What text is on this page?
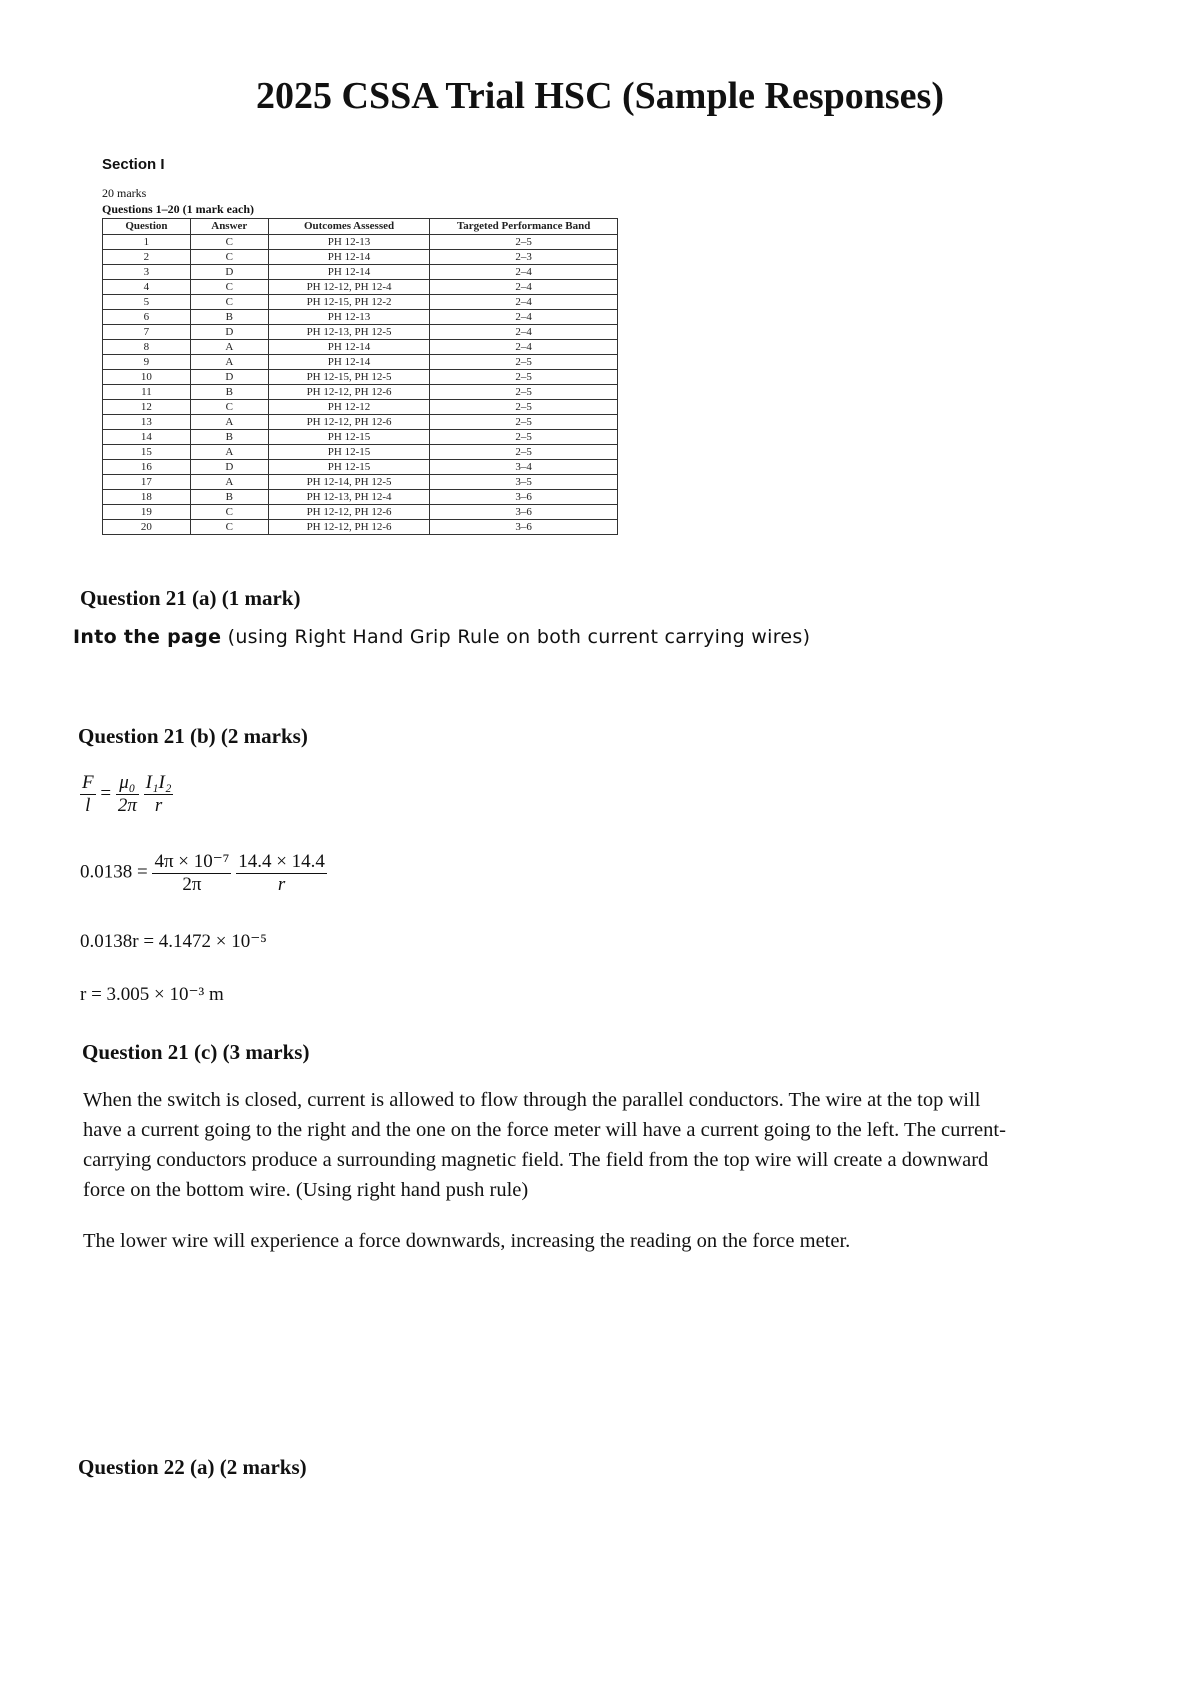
2025 CSSA Trial HSC (Sample Responses)
Section I
20 marks
Questions 1–20 (1 mark each)
Question	Answer	Outcomes Assessed	Targeted Performance Band
1	C	PH 12-13	2–5
2	C	PH 12-14	2–3
3	D	PH 12-14	2–4
4	C	PH 12-12, PH 12-4	2–4
5	C	PH 12-15, PH 12-2	2–4
6	B	PH 12-13	2–4
7	D	PH 12-13, PH 12-5	2–4
8	A	PH 12-14	2–4
9	A	PH 12-14	2–5
10	D	PH 12-15, PH 12-5	2–5
11	B	PH 12-12, PH 12-6	2–5
12	C	PH 12-12	2–5
13	A	PH 12-12, PH 12-6	2–5
14	B	PH 12-15	2–5
15	A	PH 12-15	2–5
16	D	PH 12-15	3–4
17	A	PH 12-14, PH 12-5	3–5
18	B	PH 12-13, PH 12-4	3–6
19	C	PH 12-12, PH 12-6	3–6
20	C	PH 12-12, PH 12-6	3–6
Question 21 (a) (1 mark)
Into the page (using Right Hand Grip Rule on both current carrying wires)
Question 21 (b) (2 marks)
$\frac{F}{l} = \frac{\text{μ₀}}{2\pi}$
$\frac{\text{I₁I₂}}{r}$
$0.0138 = \frac{\text{4π × 10⁻⁷}}{2\pi}$
$\frac{14.4 \times 14.4}{r}$
0.0138r = 4.1472 × 10⁻⁵
r = 3.005 × 10⁻³ m
Question 21 (c) (3 marks)
When the switch is closed, current is allowed to flow through the parallel conductors. The wire at the top will have a current going to the right and the one on the force meter will have a current going to the left. The current-carrying conductors produce a surrounding magnetic field. The field from the top wire will create a downward force on the bottom wire. (Using right hand push rule)
The lower wire will experience a force downwards, increasing the reading on the force meter.
Question 22 (a) (2 marks)
